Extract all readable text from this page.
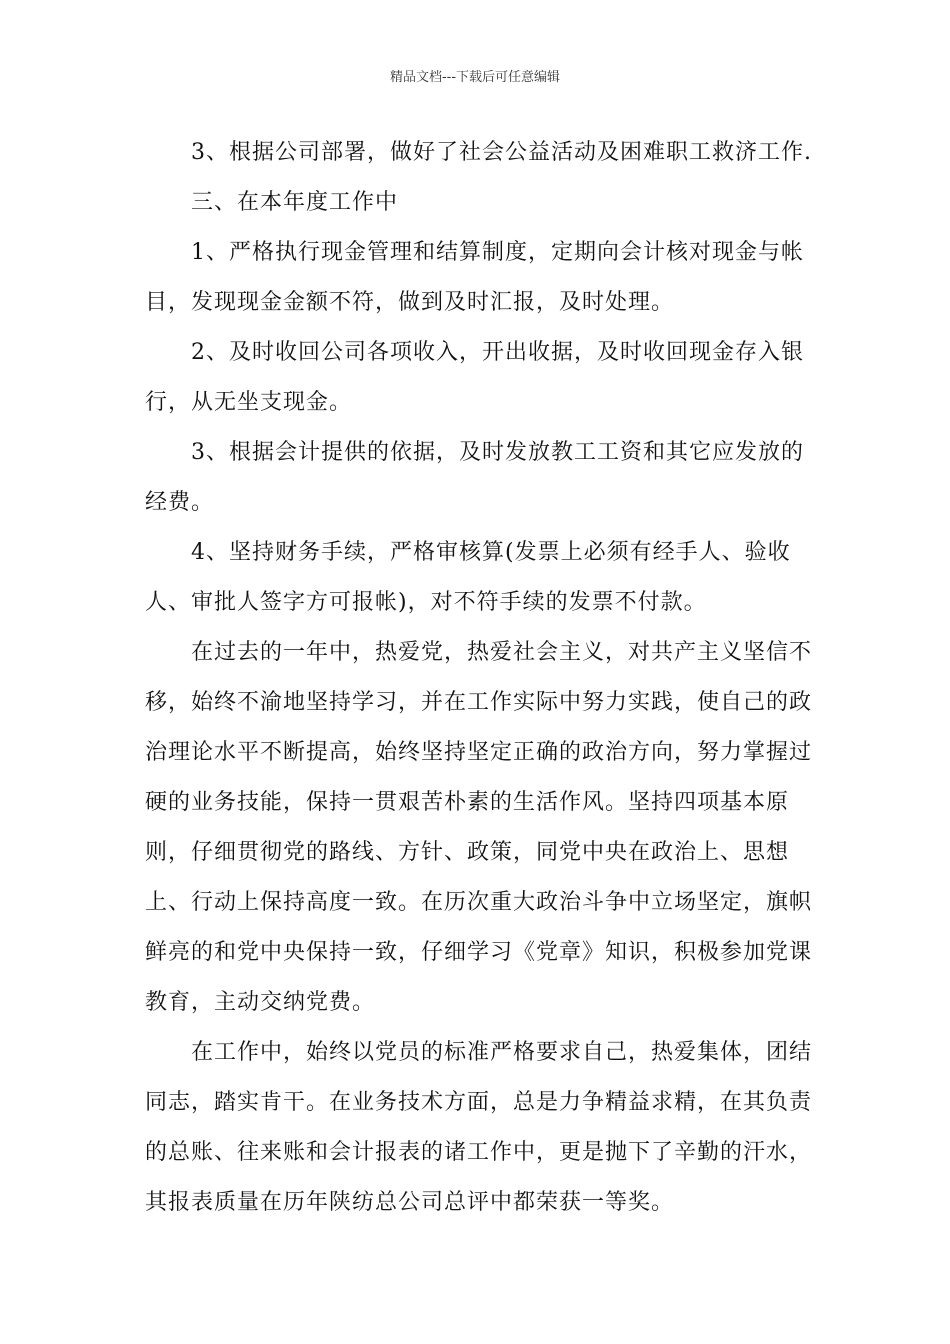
精品文档---下载后可任意编辑

3、根据公司部署，做好了社会公益活动及困难职工救济工作.

三、在本年度工作中

1、严格执行现金管理和结算制度，定期向会计核对现金与帐目，发现现金金额不符，做到及时汇报，及时处理。

2、及时收回公司各项收入，开出收据，及时收回现金存入银行，从无坐支现金。

3、根据会计提供的依据，及时发放教工工资和其它应发放的经费。

4、坚持财务手续，严格审核算(发票上必须有经手人、验收人、审批人签字方可报帐)，对不符手续的发票不付款。

在过去的一年中，热爱党，热爱社会主义，对共产主义坚信不移，始终不渝地坚持学习，并在工作实际中努力实践，使自己的政治理论水平不断提高，始终坚持坚定正确的政治方向，努力掌握过硬的业务技能，保持一贯艰苦朴素的生活作风。坚持四项基本原则，仔细贯彻党的路线、方针、政策，同党中央在政治上、思想上、行动上保持高度一致。在历次重大政治斗争中立场坚定，旗帜鲜亮的和党中央保持一致，仔细学习《党章》知识，积极参加党课教育，主动交纳党费。

在工作中，始终以党员的标准严格要求自己，热爱集体，团结同志，踏实肯干。在业务技术方面，总是力争精益求精，在其负责的总账、往来账和会计报表的诸工作中，更是抛下了辛勤的汗水，其报表质量在历年陕纺总公司总评中都荣获一等奖。
